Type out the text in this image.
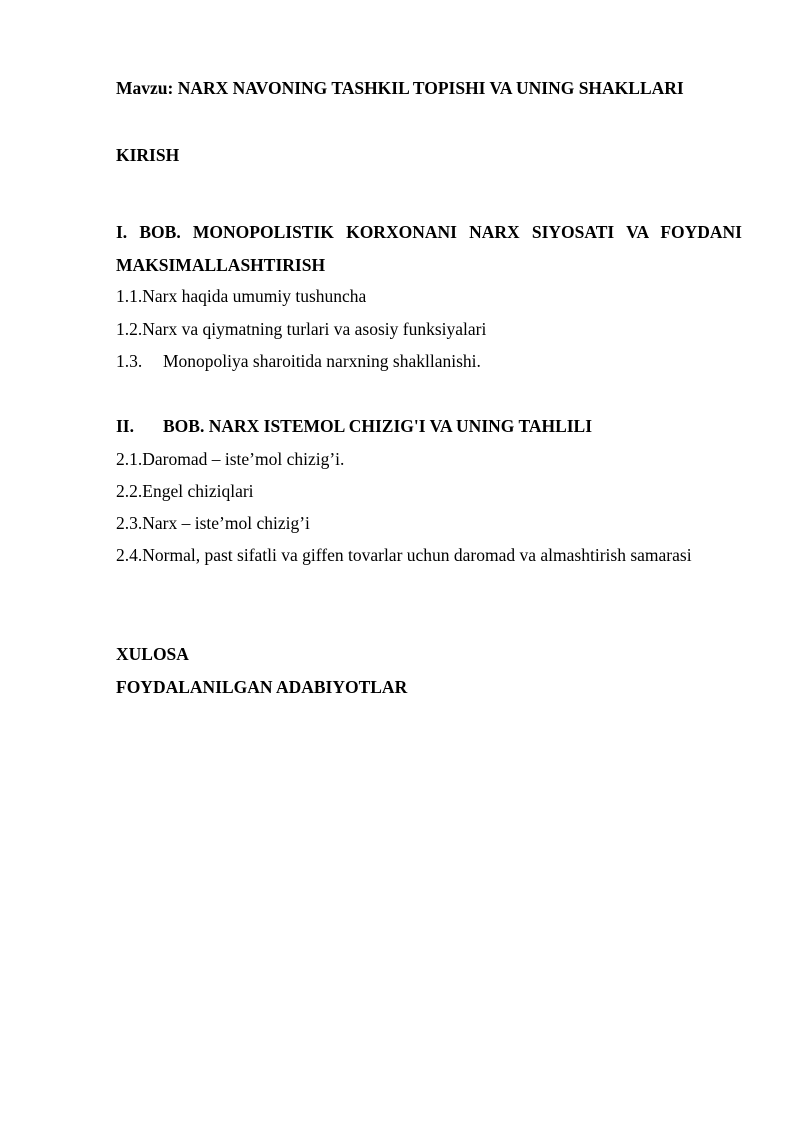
Mavzu: NARX NAVONING TASHKIL TOPISHI VA UNING SHAKLLARI
KIRISH
I. BOB. MONOPOLISTIK KORXONANI NARX SIYOSATI VA FOYDANI MAKSIMALLASHTIRISH
1.1.Narx haqida umumiy tushuncha
1.2.Narx va qiymatning turlari va asosiy funksiyalari
1.3. Monopoliya sharoitida narxning shakllanishi.
II. BOB. NARX ISTEMOL CHIZIG'I VA UNING TAHLILI
2.1.Daromad – iste’mol chizig’i.
2.2.Engel chiziqlari
2.3.Narx – iste’mol chizig’i
2.4.Normal, past sifatli va giffen tovarlar uchun daromad va almashtirish samarasi
XULOSA
FOYDALANILGAN ADABIYOTLAR
